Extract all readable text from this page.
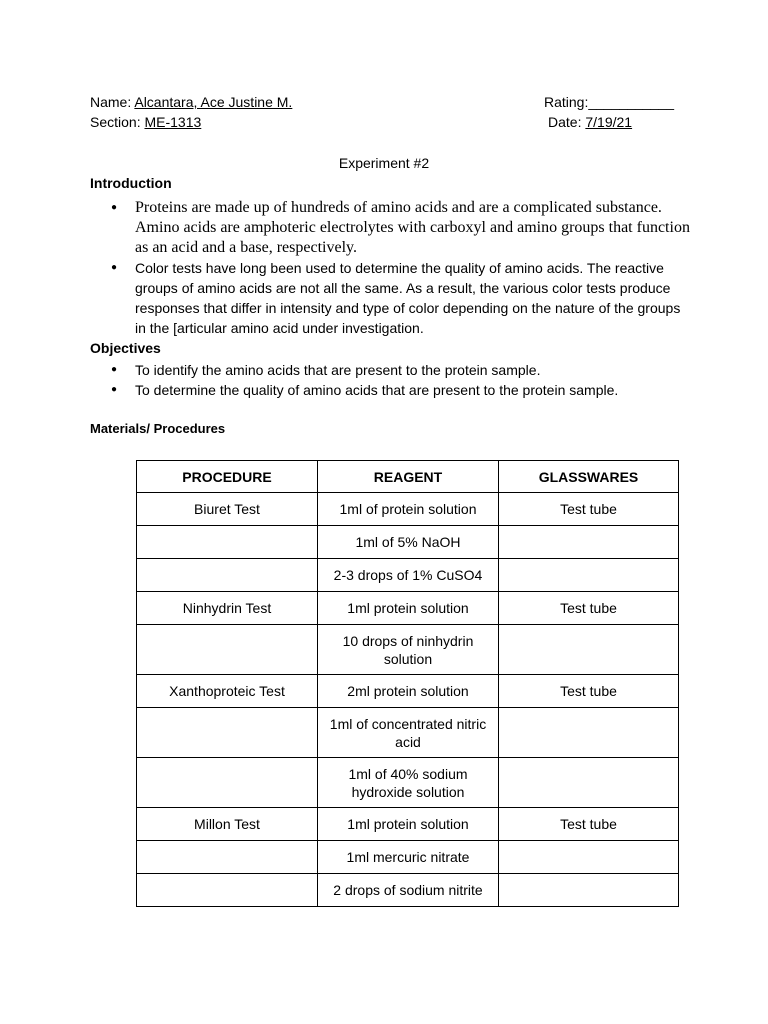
Name: Alcantara, Ace Justine M.
Section: ME-1313
Rating:___________
Date: 7/19/21
Experiment #2
Introduction
● Proteins are made up of hundreds of amino acids and are a complicated substance. Amino acids are amphoteric electrolytes with carboxyl and amino groups that function as an acid and a base, respectively.
● Color tests have long been used to determine the quality of amino acids. The reactive groups of amino acids are not all the same. As a result, the various color tests produce responses that differ in intensity and type of color depending on the nature of the groups in the [articular amino acid under investigation.
Objectives
● To identify the amino acids that are present to the protein sample.
● To determine the quality of amino acids that are present to the protein sample.
Materials/ Procedures
PROCEDURE	REAGENT	GLASSWARES
Biuret Test	1ml of protein solution	Test tube
	1ml of 5% NaOH	
	2-3 drops of 1% CuSO4	
Ninhydrin Test	1ml protein solution	Test tube
	10 drops of ninhydrin solution	
Xanthoproteic Test	2ml protein solution	Test tube
	1ml of concentrated nitric acid	
	1ml of 40% sodium hydroxide solution	
Millon Test	1ml protein solution	Test tube
	1ml mercuric nitrate	
	2 drops of sodium nitrite	
